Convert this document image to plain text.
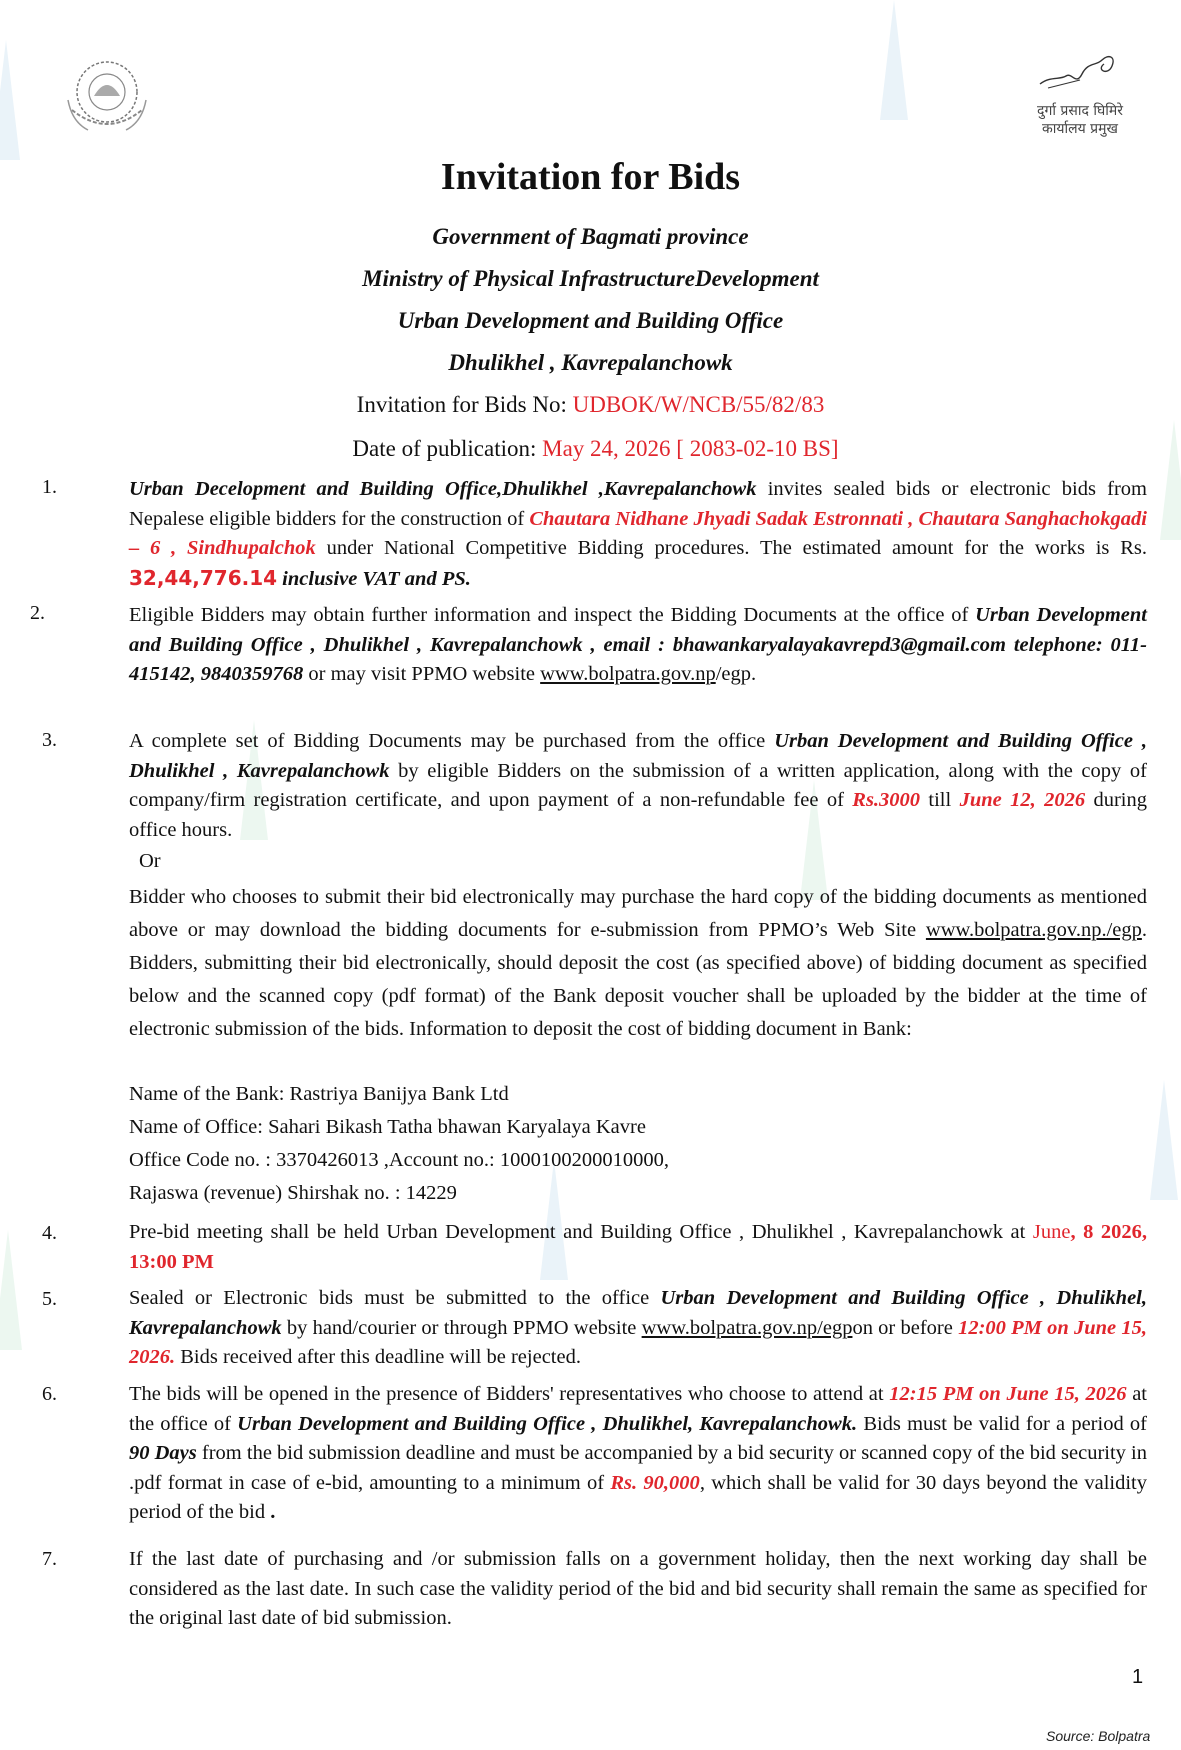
दुर्गा प्रसाद घिमिरे
कार्यालय प्रमुख
Invitation for Bids
Government of Bagmati province
Ministry of Physical InfrastructureDevelopment
Urban Development and Building Office
Dhulikhel , Kavrepalanchowk
Invitation for Bids No: UDBOK/W/NCB/55/82/83
Date of publication: May 24, 2026 [ 2083-02-10 BS]
1.	Urban Decelopment and Building Office,Dhulikhel ,Kavrepalanchowk invites sealed bids or electronic bids from Nepalese eligible bidders for the construction of Chautara Nidhane Jhyadi Sadak Estronnati , Chautara Sanghachokgadi – 6 , Sindhupalchok under National Competitive Bidding procedures. The estimated amount for the works is Rs. 32,44,776.14 inclusive VAT and PS.
2.	Eligible Bidders may obtain further information and inspect the Bidding Documents at the office of Urban Development and Building Office , Dhulikhel , Kavrepalanchowk , email : bhawankaryalayakavrepd3@gmail.com telephone: 011-415142, 9840359768 or may visit PPMO website www.bolpatra.gov.np/egp.
3.	A complete set of Bidding Documents may be purchased from the office Urban Development and Building Office , Dhulikhel , Kavrepalanchowk by eligible Bidders on the submission of a written application, along with the copy of company/firm registration certificate, and upon payment of a non-refundable fee of Rs.3000 till June 12, 2026 during office hours.
Or
Bidder who chooses to submit their bid electronically may purchase the hard copy of the bidding documents as mentioned above or may download the bidding documents for e-submission from PPMO’s Web Site www.bolpatra.gov.np./egp. Bidders, submitting their bid electronically, should deposit the cost (as specified above) of bidding document as specified below and the scanned copy (pdf format) of the Bank deposit voucher shall be uploaded by the bidder at the time of electronic submission of the bids. Information to deposit the cost of bidding document in Bank:
Name of the Bank: Rastriya Banijya Bank Ltd
Name of Office: Sahari Bikash Tatha bhawan Karyalaya Kavre
Office Code no. : 3370426013 ,Account no.: 1000100200010000,
Rajaswa (revenue) Shirshak no. : 14229
4.	Pre-bid meeting shall be held Urban Development and Building Office , Dhulikhel , Kavrepalanchowk at June, 8 2026, 13:00 PM
5.	Sealed or Electronic bids must be submitted to the office Urban Development and Building Office , Dhulikhel, Kavrepalanchowk by hand/courier or through PPMO website www.bolpatra.gov.np/egpon or before 12:00 PM on June 15, 2026. Bids received after this deadline will be rejected.
6.	The bids will be opened in the presence of Bidders' representatives who choose to attend at 12:15 PM on June 15, 2026 at the office of Urban Development and Building Office , Dhulikhel, Kavrepalanchowk. Bids must be valid for a period of 90 Days from the bid submission deadline and must be accompanied by a bid security or scanned copy of the bid security in .pdf format in case of e-bid, amounting to a minimum of Rs. 90,000, which shall be valid for 30 days beyond the validity period of the bid .
7.	If the last date of purchasing and /or submission falls on a government holiday, then the next working day shall be considered as the last date. In such case the validity period of the bid and bid security shall remain the same as specified for the original last date of bid submission.
1
Source: Bolpatra
